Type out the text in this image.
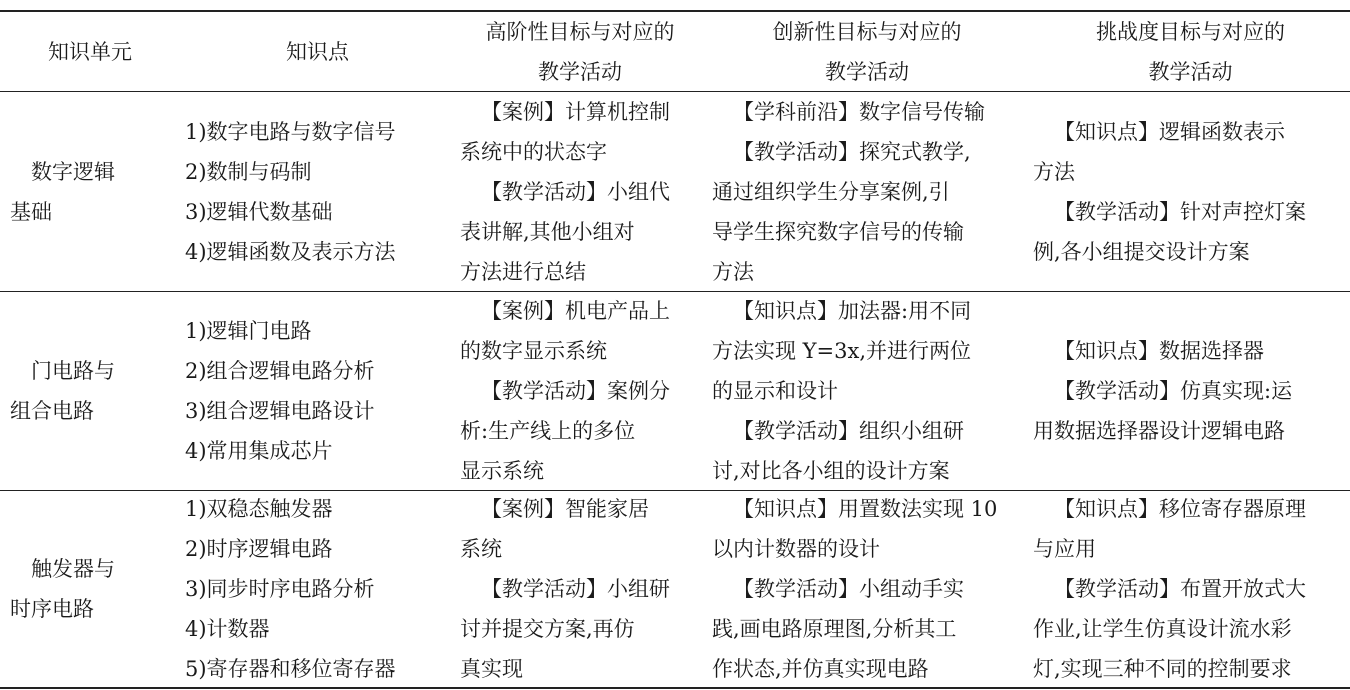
知识单元	知识点
高阶性目标与对应的
教学活动
创新性目标与对应的
教学活动
挑战度目标与对应的
教学活动
数字逻辑
基础
1)数字电路与数字信号
2)数制与码制
3)逻辑代数基础
4)逻辑函数及表示方法
【案例】计算机控制
系统中的状态字
【教学活动】小组代
表讲解,其他小组对
方法进行总结
【学科前沿】数字信号传输
【教学活动】探究式教学,
通过组织学生分享案例,引
导学生探究数字信号的传输
方法
【知识点】逻辑函数表示
方法
【教学活动】针对声控灯案
例,各小组提交设计方案
门电路与
组合电路
1)逻辑门电路
2)组合逻辑电路分析
3)组合逻辑电路设计
4)常用集成芯片
【案例】机电产品上
的数字显示系统
【教学活动】案例分
析:生产线上的多位
显示系统
【知识点】加法器:用不同
方法实现 Y=3x,并进行两位
的显示和设计
【教学活动】组织小组研
讨,对比各小组的设计方案
【知识点】数据选择器
【教学活动】仿真实现:运
用数据选择器设计逻辑电路
触发器与
时序电路
1)双稳态触发器
2)时序逻辑电路
3)同步时序电路分析
4)计数器
5)寄存器和移位寄存器
【案例】智能家居
系统
【教学活动】小组研
讨并提交方案,再仿
真实现
【知识点】用置数法实现 10
以内计数器的设计
【教学活动】小组动手实
践,画电路原理图,分析其工
作状态,并仿真实现电路
【知识点】移位寄存器原理
与应用
【教学活动】布置开放式大
作业,让学生仿真设计流水彩
灯,实现三种不同的控制要求
